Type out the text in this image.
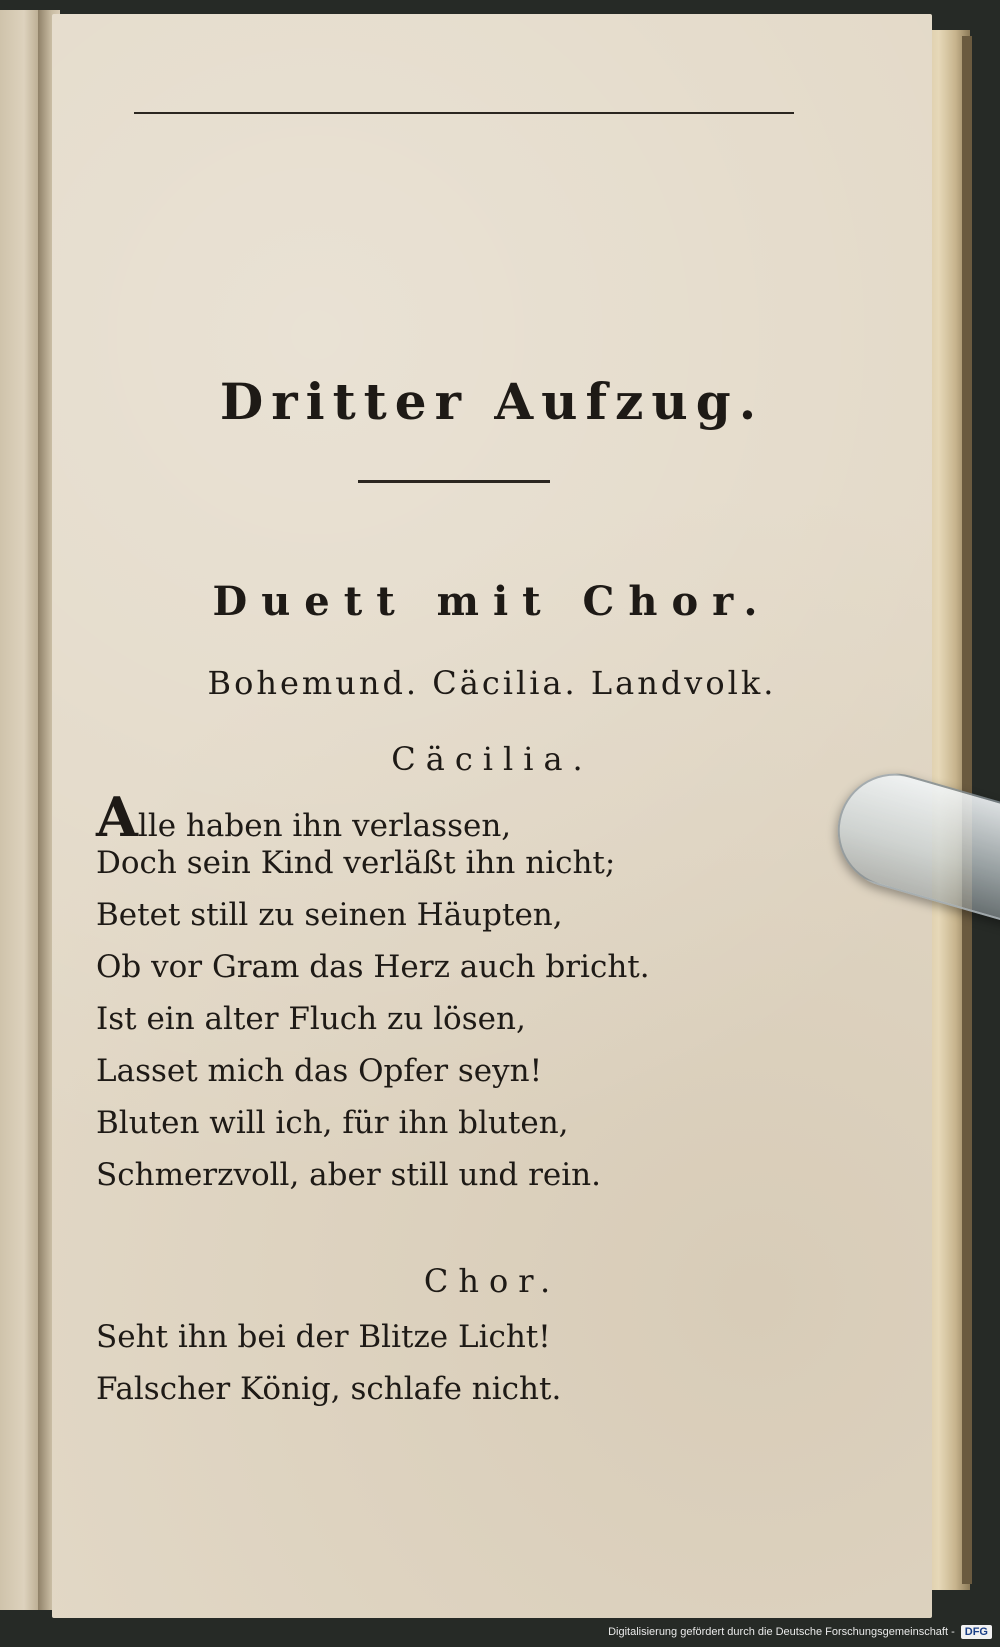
Dritter Aufzug.
Duett mit Chor.
Bohemund. Cäcilia. Landvolk.
Cäcilia.
Alle haben ihn verlassen,
Doch sein Kind verläßt ihn nicht;
Betet still zu seinen Häupten,
Ob vor Gram das Herz auch bricht.
Ist ein alter Fluch zu lösen,
Lasset mich das Opfer seyn!
Bluten will ich, für ihn bluten,
Schmerzvoll, aber still und rein.
Chor.
Seht ihn bei der Blitze Licht!
Falscher König, schlafe nicht.
Digitalisierung gefördert durch die Deutsche Forschungsgemeinschaft - DFG
